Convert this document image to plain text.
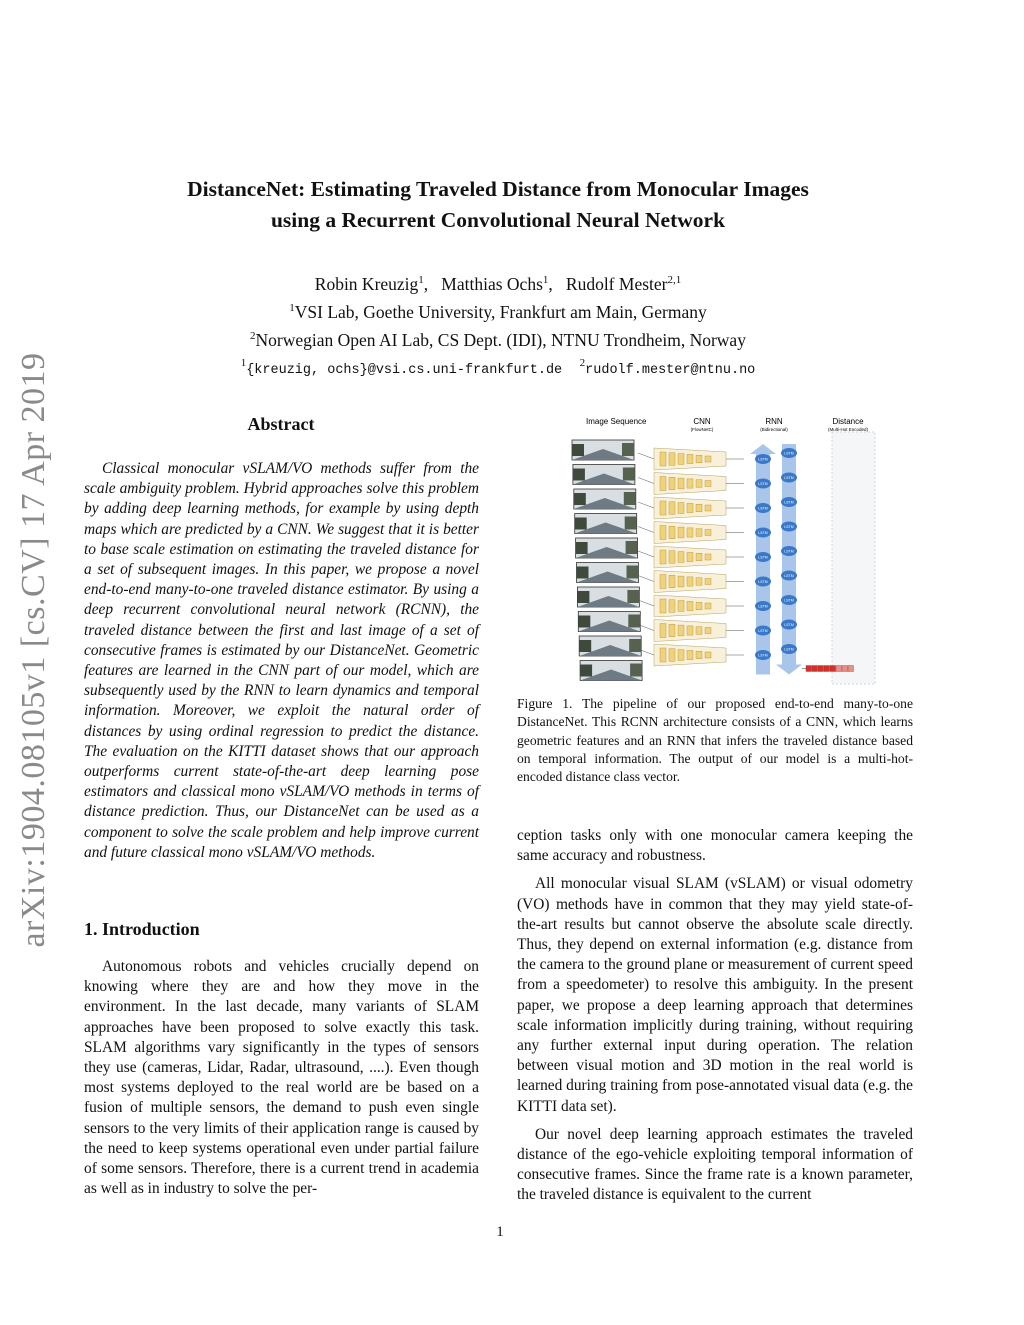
arXiv:1904.08105v1 [cs.CV] 17 Apr 2019
DistanceNet: Estimating Traveled Distance from Monocular Images
using a Recurrent Convolutional Neural Network
Robin Kreuzig$^1$,   Matthias Ochs$^1$,   Rudolf Mester$^{2,1}$
$^1$VSI Lab, Goethe University, Frankfurt am Main, Germany
$^2$Norwegian Open AI Lab, CS Dept. (IDI), NTNU Trondheim, Norway
$^1${kreuzig, ochs}@vsi.cs.uni-frankfurt.de $^2$rudolf.mester@ntnu.no
Abstract

Classical monocular vSLAM/VO methods suffer from the scale ambiguity problem. Hybrid approaches solve this problem by adding deep learning methods, for example by using depth maps which are predicted by a CNN. We suggest that it is better to base scale estimation on estimating the traveled distance for a set of subsequent images. In this paper, we propose a novel end-to-end many-to-one traveled distance estimator. By using a deep recurrent convolutional neural network (RCNN), the traveled distance between the first and last image of a set of consecutive frames is estimated by our DistanceNet. Geometric features are learned in the CNN part of our model, which are subsequently used by the RNN to learn dynamics and temporal information. Moreover, we exploit the natural order of distances by using ordinal regression to predict the distance. The evaluation on the KITTI dataset shows that our approach outperforms current state-of-the-art deep learning pose estimators and classical mono vSLAM/VO methods in terms of distance prediction. Thus, our DistanceNet can be used as a component to solve the scale problem and help improve current and future classical mono vSLAM/VO methods.

1. Introduction

Autonomous robots and vehicles crucially depend on knowing where they are and how they move in the environment. In the last decade, many variants of SLAM approaches have been proposed to solve exactly this task. SLAM algorithms vary significantly in the types of sensors they use (cameras, Lidar, Radar, ultrasound, ....). Even though most systems deployed to the real world are be based on a fusion of multiple sensors, the demand to push even single sensors to the very limits of their application range is caused by the need to keep systems operational even under partial failure of some sensors. Therefore, there is a current trend in academia as well as in industry to solve the per-

Image Sequence	CNN
(FlowNetC)
RNN
(Bidirectional)
Distance
(Multi-Hot Encoded)
LSTM
LSTM
LSTM
LSTM
LSTM
LSTM
LSTM
LSTM
LSTM
LSTM
LSTM
LSTM
LSTM
LSTM
LSTM
LSTM
LSTM
LSTM
Figure 1. The pipeline of our proposed end-to-end many-to-one DistanceNet. This RCNN architecture consists of a CNN, which learns geometric features and an RNN that infers the traveled distance based on temporal information. The output of our model is a multi-hot-encoded distance class vector.

ception tasks only with one monocular camera keeping the same accuracy and robustness.

All monocular visual SLAM (vSLAM) or visual odometry (VO) methods have in common that they may yield state-of-the-art results but cannot observe the absolute scale directly. Thus, they depend on external information (e.g. distance from the camera to the ground plane or measurement of current speed from a speedometer) to resolve this ambiguity. In the present paper, we propose a deep learning approach that determines scale information implicitly during training, without requiring any further external input during operation. The relation between visual motion and 3D motion in the real world is learned during training from pose-annotated visual data (e.g. the KITTI data set).

Our novel deep learning approach estimates the traveled distance of the ego-vehicle exploiting temporal information of consecutive frames. Since the frame rate is a known parameter, the traveled distance is equivalent to the current

1
